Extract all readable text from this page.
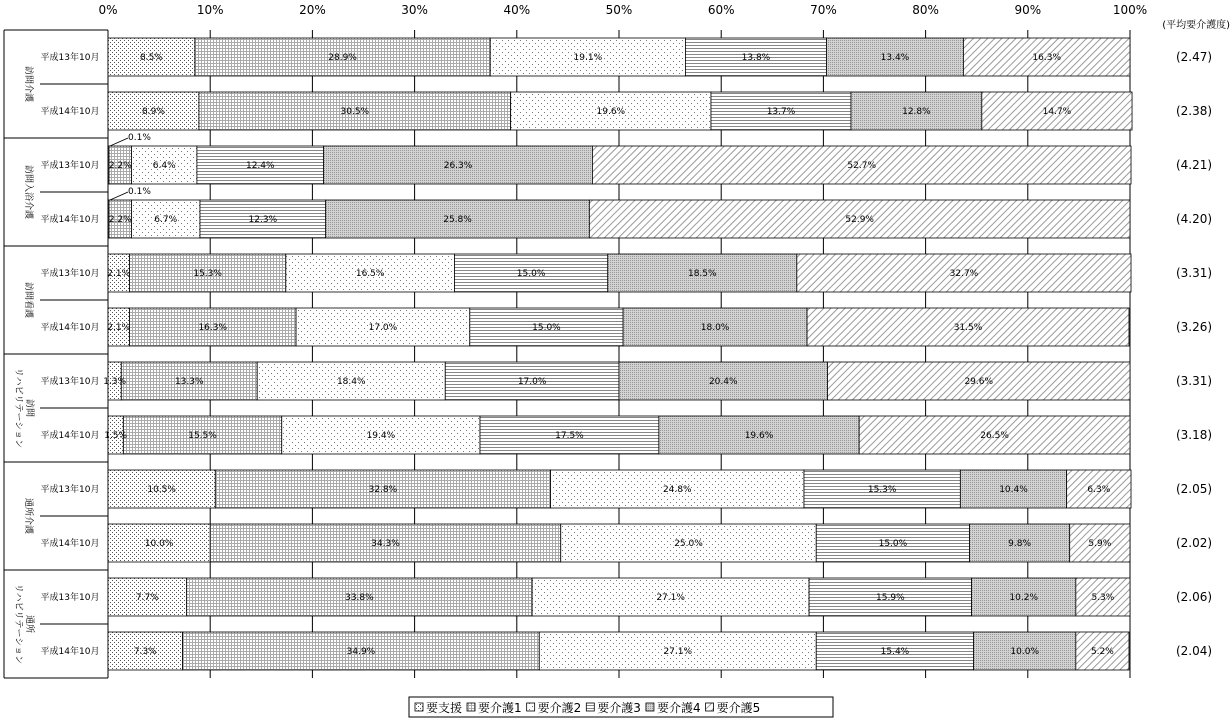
0%	10%	20%	30%	40%	50%	60%	70%	80%	90%	100%
(平均要介護度)
訪問介護
平成13年10月	8.5%	28.9%	19.1%	13.8%	13.4%	16.3%	(2.47)
平成14年10月	8.9%	30.5%	19.6%	13.7%	12.8%	14.7%	(2.38)
訪問入浴介護 平成13年10月
0.1%
2.2% 6.4%	12.4%	26.3%	52.7%	(4.21)
平成14年10月
0.1%
2.2%	6.7%	12.3%	25.8%	52.9%	(4.20)
訪問看護
平成13年10月 2.1%	15.3%	16.5%	15.0%	18.5%	32.7%	(3.31)
平成14年10月 2.1%	16.3%	17.0%	15.0%	18.0%	31.5%	(3.26)
訪問リハビリテーション	平成13年10月 1.3%	13.3%	18.4%	17.0%	20.4%	29.6%	(3.31)
平成14年10月 1.5%	15.5%	19.4%	17.5%	19.6%	26.5%	(3.18)
通所介護
平成13年10月	10.5%	32.8%	24.8%	15.3%	10.4%	6.3%	(2.05)
平成14年10月	10.0%	34.3%	25.0%	15.0%	9.8%	5.9%	(2.02)
通所リハビリテーション	平成13年10月	7.7%	33.8%	27.1%	15.9%	10.2%	5.3%	(2.06)
平成14年10月	7.3%	34.9%	27.1%	15.4%	10.0%	5.2%	(2.04)
要支援 要介護1 要介護2 要介護3 要介護4 要介護5
